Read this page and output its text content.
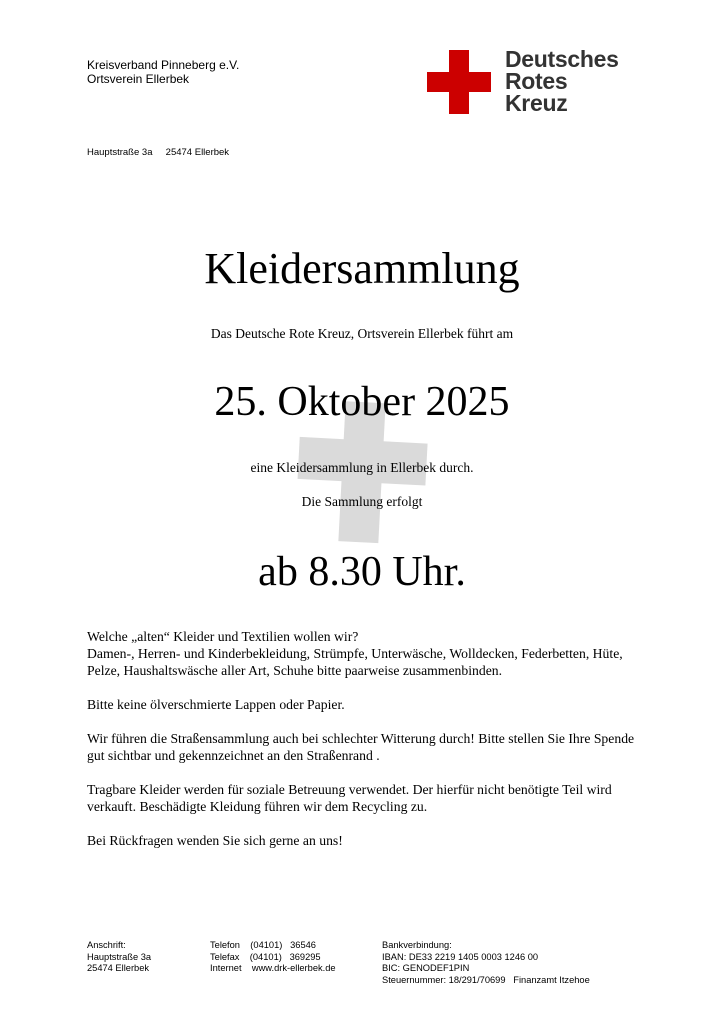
Kreisverband Pinneberg e.V.
Ortsverein Ellerbek
Hauptstraße 3a     25474 Ellerbek
Deutsches
Rotes
Kreuz
Kleidersammlung
Das Deutsche Rote Kreuz, Ortsverein Ellerbek führt am
25. Oktober 2025
eine Kleidersammlung in Ellerbek durch.
Die Sammlung erfolgt
ab 8.30 Uhr.

Welche „alten“ Kleider und Textilien wollen wir?
Damen-, Herren- und Kinderbekleidung, Strümpfe, Unterwäsche, Wolldecken, Federbetten, Hüte, Pelze, Haushaltswäsche aller Art, Schuhe bitte paarweise zusammenbinden.

Bitte keine ölverschmierte Lappen oder Papier.

Wir führen die Straßensammlung auch bei schlechter Witterung durch! Bitte stellen Sie Ihre Spende gut sichtbar und gekennzeichnet an den Straßenrand .

Tragbare Kleider werden für soziale Betreuung verwendet. Der hierfür nicht benötigte Teil wird verkauft. Beschädigte Kleidung führen wir dem Recycling zu.

Bei Rückfragen wenden Sie sich gerne an uns!

Anschrift:
Hauptstraße 3a
25474 Ellerbek
Telefon    (04101)   36546
Telefax    (04101)   369295
Internet    www.drk-ellerbek.de
Bankverbindung:
IBAN: DE33 2219 1405 0003 1246 00
BIC: GENODEF1PIN
Steuernummer: 18/291/70699   Finanzamt Itzehoe
